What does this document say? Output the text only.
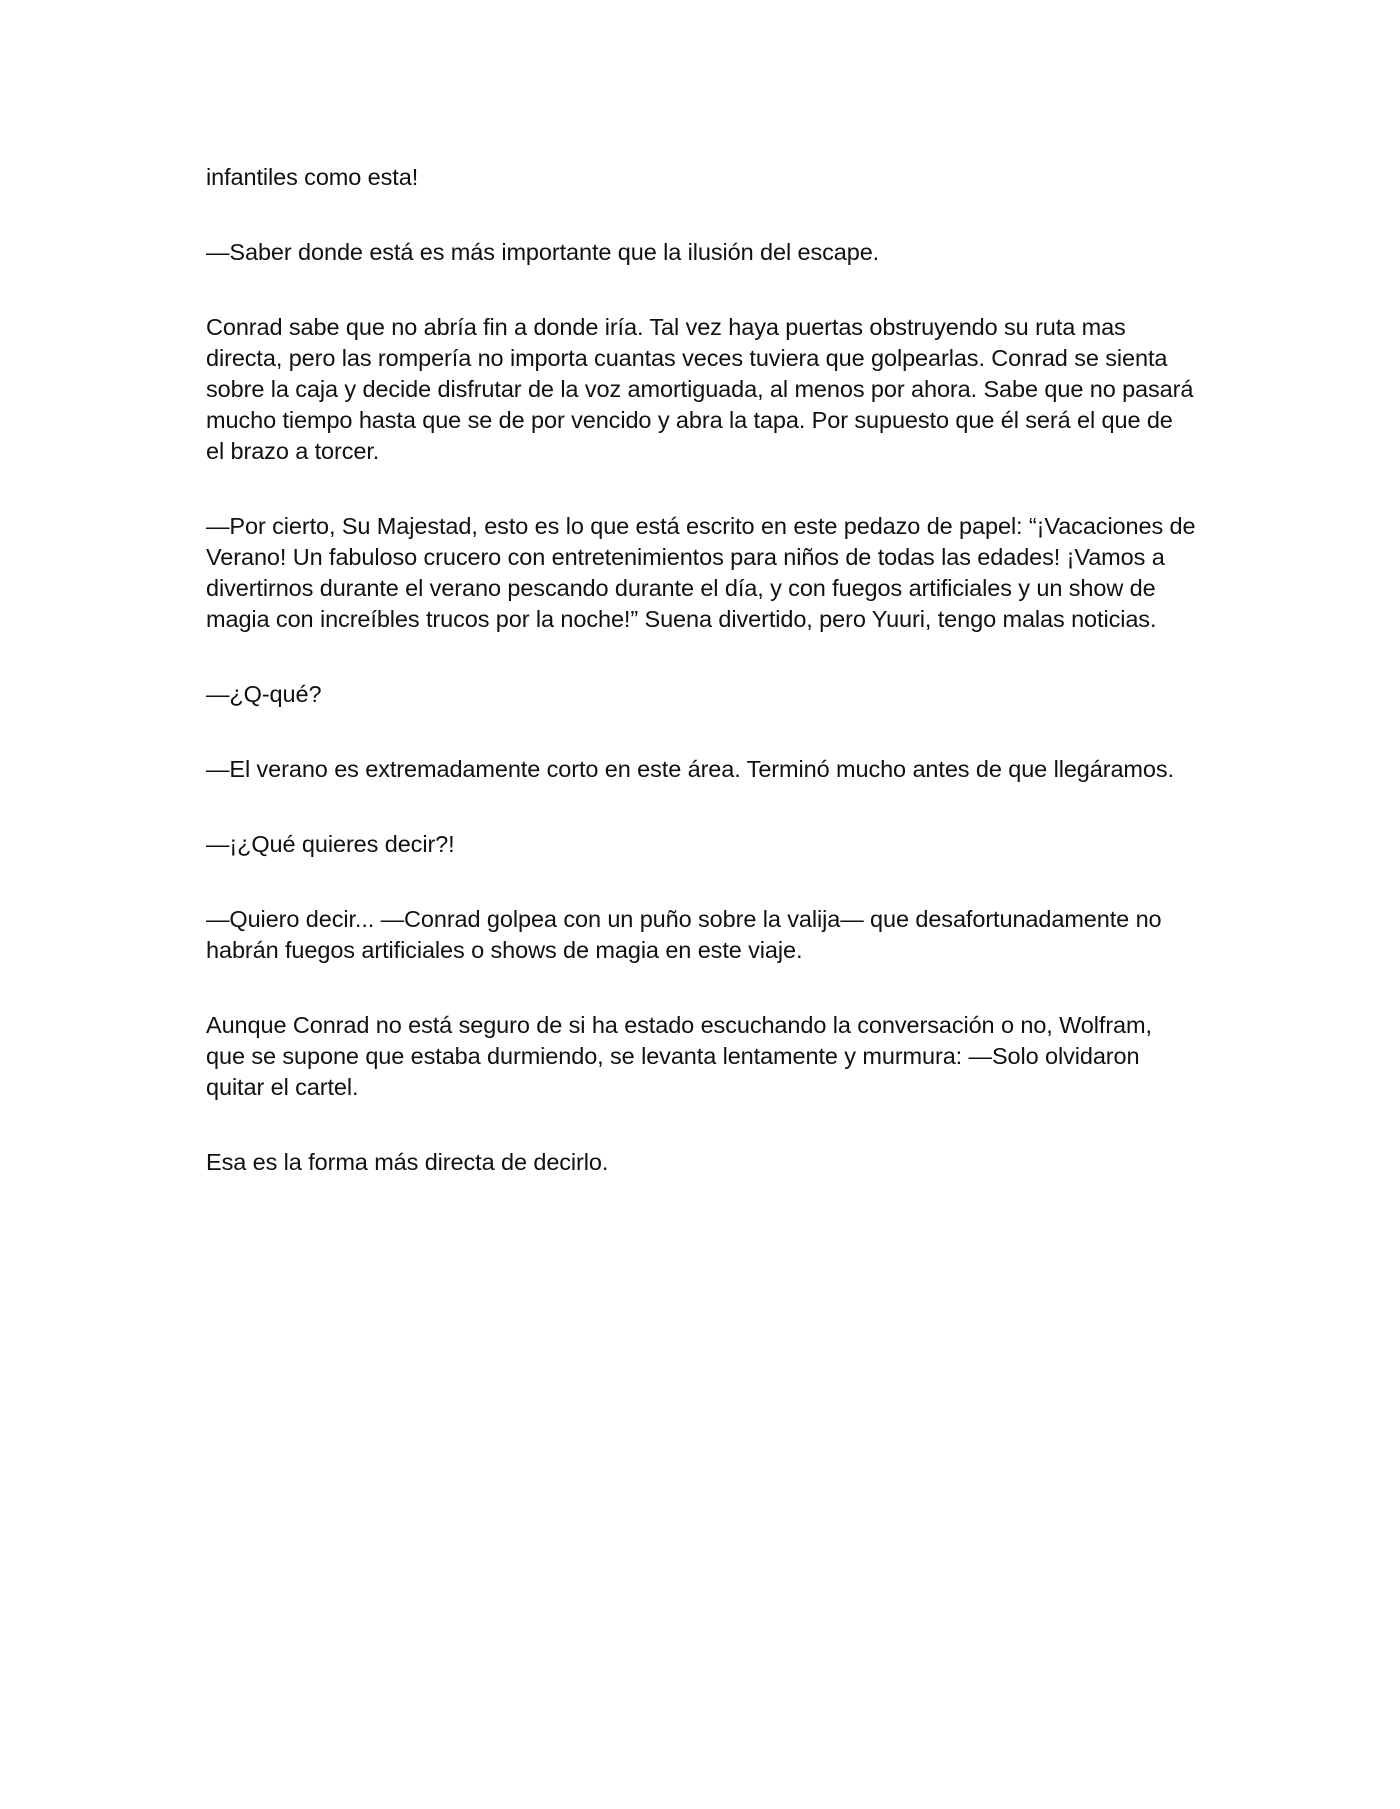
infantiles como esta!

—Saber donde está es más importante que la ilusión del escape.

Conrad sabe que no abría fin a donde iría. Tal vez haya puertas obstruyendo su ruta mas directa, pero las rompería no importa cuantas veces tuviera que golpearlas. Conrad se sienta sobre la caja y decide disfrutar de la voz amortiguada, al menos por ahora. Sabe que no pasará mucho tiempo hasta que se de por vencido y abra la tapa. Por supuesto que él será el que de el brazo a torcer.

—Por cierto, Su Majestad, esto es lo que está escrito en este pedazo de papel: “¡Vacaciones de Verano! Un fabuloso crucero con entretenimientos para niños de todas las edades! ¡Vamos a divertirnos durante el verano pescando durante el día, y con fuegos artificiales y un show de magia con increíbles trucos por la noche!” Suena divertido, pero Yuuri, tengo malas noticias.

—¿Q-qué?

—El verano es extremadamente corto en este área. Terminó mucho antes de que llegáramos.

—¡¿Qué quieres decir?!

—Quiero decir... —Conrad golpea con un puño sobre la valija— que desafortunadamente no habrán fuegos artificiales o shows de magia en este viaje.

Aunque Conrad no está seguro de si ha estado escuchando la conversación o no, Wolfram, que se supone que estaba durmiendo, se levanta lentamente y murmura: —Solo olvidaron quitar el cartel.

Esa es la forma más directa de decirlo.
